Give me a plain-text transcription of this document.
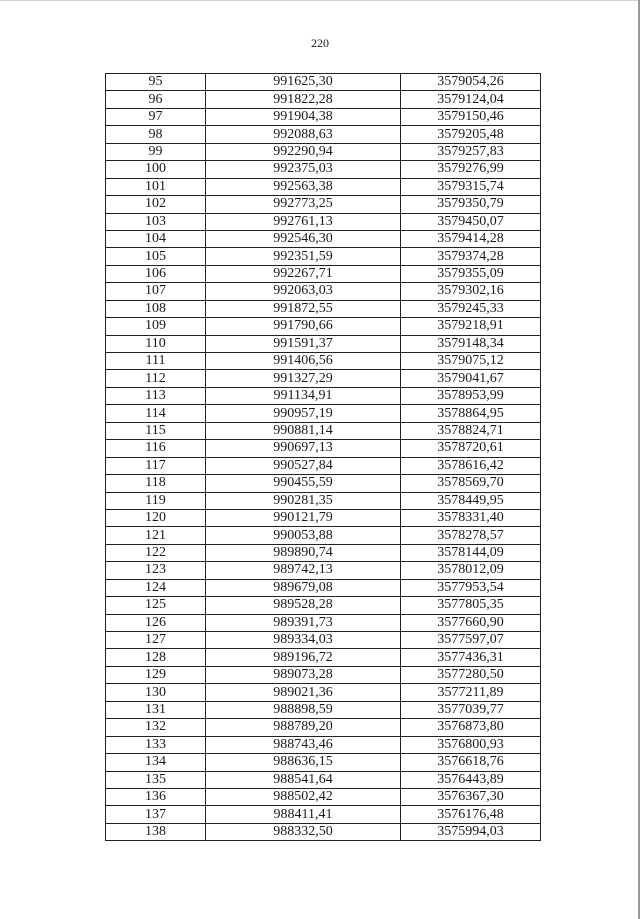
220
95	991625,30	3579054,26
96	991822,28	3579124,04
97	991904,38	3579150,46
98	992088,63	3579205,48
99	992290,94	3579257,83
100	992375,03	3579276,99
101	992563,38	3579315,74
102	992773,25	3579350,79
103	992761,13	3579450,07
104	992546,30	3579414,28
105	992351,59	3579374,28
106	992267,71	3579355,09
107	992063,03	3579302,16
108	991872,55	3579245,33
109	991790,66	3579218,91
110	991591,37	3579148,34
111	991406,56	3579075,12
112	991327,29	3579041,67
113	991134,91	3578953,99
114	990957,19	3578864,95
115	990881,14	3578824,71
116	990697,13	3578720,61
117	990527,84	3578616,42
118	990455,59	3578569,70
119	990281,35	3578449,95
120	990121,79	3578331,40
121	990053,88	3578278,57
122	989890,74	3578144,09
123	989742,13	3578012,09
124	989679,08	3577953,54
125	989528,28	3577805,35
126	989391,73	3577660,90
127	989334,03	3577597,07
128	989196,72	3577436,31
129	989073,28	3577280,50
130	989021,36	3577211,89
131	988898,59	3577039,77
132	988789,20	3576873,80
133	988743,46	3576800,93
134	988636,15	3576618,76
135	988541,64	3576443,89
136	988502,42	3576367,30
137	988411,41	3576176,48
138	988332,50	3575994,03
